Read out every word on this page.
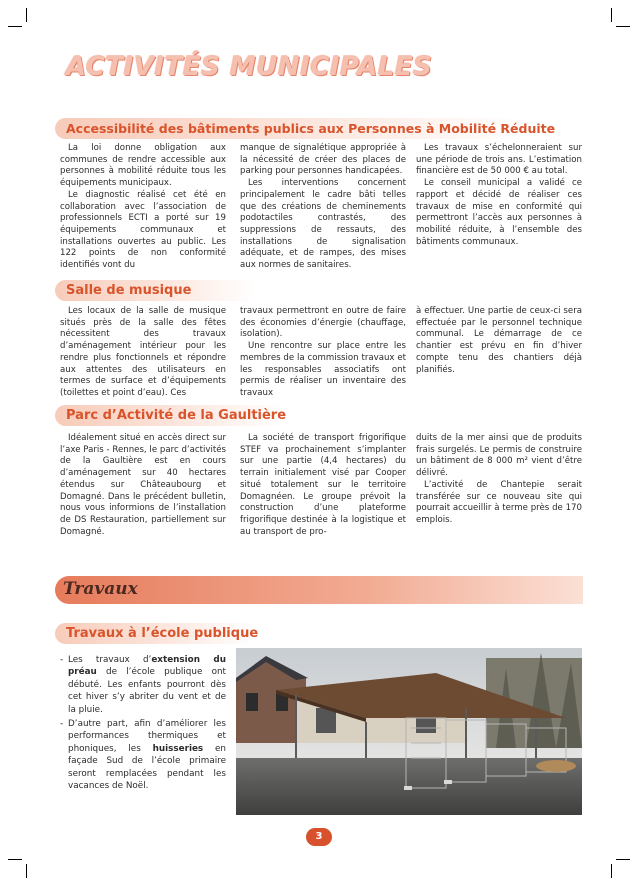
ACTIVITÉS MUNICIPALES
Accessibilité des bâtiments publics aux Personnes à Mobilité Réduite

La loi donne obligation aux communes de rendre accessible aux personnes à mobilité réduite tous les équipements municipaux.

Le diagnostic réalisé cet été en collaboration avec l’association de professionnels ECTI a porté sur 19 équipements communaux et installations ouvertes au public. Les 122 points de non conformité identifiés vont du

manque de signalétique appropriée à la nécessité de créer des places de parking pour personnes handicapées.

Les interventions concernent principalement le cadre bâti telles que des créations de cheminements podotactiles contrastés, des suppressions de ressauts, des installations de signalisation adéquate, et de rampes, des mises aux normes de sanitaires.

Les travaux s’échelonneraient sur une période de trois ans. L’estimation financière est de 50 000 € au total.

Le conseil municipal a validé ce rapport et décidé de réaliser ces travaux de mise en conformité qui permettront l’accès aux personnes à mobilité réduite, à l’ensemble des bâtiments communaux.

Salle de musique

Les locaux de la salle de musique situés près de la salle des fêtes nécessitent des travaux d’aménagement intérieur pour les rendre plus fonctionnels et répondre aux attentes des utilisateurs en termes de surface et d’équipements (toilettes et point d’eau). Ces

travaux permettront en outre de faire des économies d’énergie (chauffage, isolation).

Une rencontre sur place entre les membres de la commission travaux et les responsables associatifs ont permis de réaliser un inventaire des travaux

à effectuer. Une partie de ceux-ci sera effectuée par le personnel technique communal. Le démarrage de ce chantier est prévu en fin d’hiver compte tenu des chantiers déjà planifiés.

Parc d’Activité de la Gaultière

Idéalement situé en accès direct sur l’axe Paris - Rennes, le parc d’activités de la Gaultière est en cours d’aménagement sur 40 hectares étendus sur Châteaubourg et Domagné. Dans le précédent bulletin, nous vous informions de l’installation de DS Restauration, partiellement sur Domagné.

La société de transport frigorifique STEF va prochainement s’implanter sur une partie (4,4 hectares) du terrain initialement visé par Cooper situé totalement sur le territoire Domagnéen. Le groupe prévoit la construction d’une plateforme frigorifique destinée à la logistique et au transport de pro-

duits de la mer ainsi que de produits frais surgelés. Le permis de construire un bâtiment de 8 000 m² vient d’être délivré.

L’activité de Chantepie serait transférée sur ce nouveau site qui pourrait accueillir à terme près de 170 emplois.

Travaux
Travaux à l’école publique
- Les travaux d’extension du préau de l’école publique ont débuté. Les enfants pourront dès cet hiver s’y abriter du vent et de la pluie.
- D’autre part, afin d’améliorer les performances thermiques et phoniques, les huisseries en façade Sud de l’école primaire seront remplacées pendant les vacances de Noël.
3
